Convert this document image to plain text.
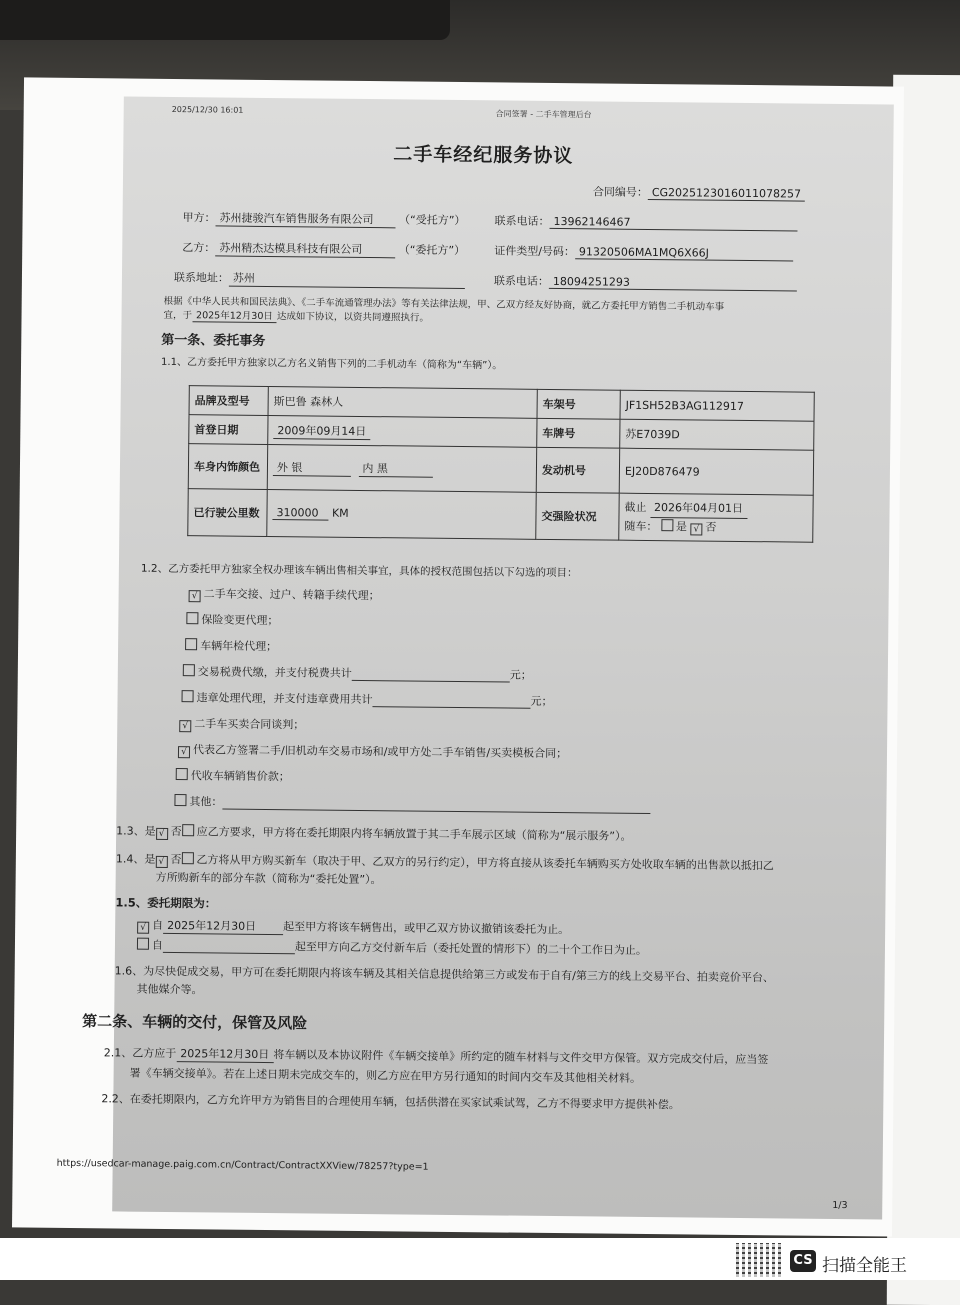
2025/12/30 16:01	合同签署 - 二手车管理后台
二手车经纪服务协议
合同编号： CG2025123016011078257
甲方： 苏州捷骏汽车销售服务有限公司 （“受托方”）	联系电话： 13962146467
乙方： 苏州精杰达模具科技有限公司	（“委托方”）	证件类型/号码： 91320506MA1MQ6X66J
联系地址： 苏州	联系电话： 18094251293
根据《中华人民共和国民法典》、《二手车流通管理办法》等有关法律法规，甲、乙双方经友好协商，就乙方委托甲方销售二手机动车事
宜，于 2025年12月30日 达成如下协议，以资共同遵照执行。
第一条、委托事务
1.1、乙方委托甲方独家以乙方名义销售下列的二手机动车（简称为“车辆”）。
品牌及型号	斯巴鲁 森林人	车架号	JF1SH52B3AG112917
首登日期	2009年09月14日	车牌号	苏E7039D
车身内饰颜色	外 银 内 黑	发动机号	EJ20D876479
已行驶公里数	310000 KM	交强险状况	截止 2026年04月01日
随车： 是 √ 否
1.2、乙方委托甲方独家全权办理该车辆出售相关事宜，具体的授权范围包括以下勾选的项目：
√ 二手车交接、过户、转籍手续代理；
保险变更代理；
车辆年检代理；
交易税费代缴，并支付税费共计	元；
违章处理代理，并支付违章费用共计	元；
√ 二手车买卖合同谈判；
√ 代表乙方签署二手/旧机动车交易市场和/或甲方处二手车销售/买卖模板合同；
代收车辆销售价款；
其他：
1.3、是 √ 否 应乙方要求，甲方将在委托期限内将车辆放置于其二手车展示区域（简称为“展示服务”）。
1.4、是 √ 否 乙方将从甲方购买新车（取决于甲、乙双方的另行约定），甲方将直接从该委托车辆购买方处收取车辆的出售款以抵扣乙
方所购新车的部分车款（简称为“委托处置”）。
1.5、委托期限为：
√ 自 2025年12月30日 起至甲方将该车辆售出，或甲乙双方协议撤销该委托为止。
自	起至甲方向乙方交付新车后（委托处置的情形下）的二十个工作日为止。
1.6、为尽快促成交易，甲方可在委托期限内将该车辆及其相关信息提供给第三方或发布于自有/第三方的线上交易平台、拍卖竞价平台、
其他媒介等。
第二条、车辆的交付，保管及风险
2.1、乙方应于 2025年12月30日 将车辆以及本协议附件《车辆交接单》所约定的随车材料与文件交甲方保管。双方完成交付后，应当签
署《车辆交接单》。若在上述日期未完成交车的，则乙方应在甲方另行通知的时间内交车及其他相关材料。
2.2、在委托期限内，乙方允许甲方为销售目的合理使用车辆，包括供潜在买家试乘试驾，乙方不得要求甲方提供补偿。
https://usedcar-manage.paig.com.cn/Contract/ContractXXView/78257?type=1
1/3
CS 扫描全能王
